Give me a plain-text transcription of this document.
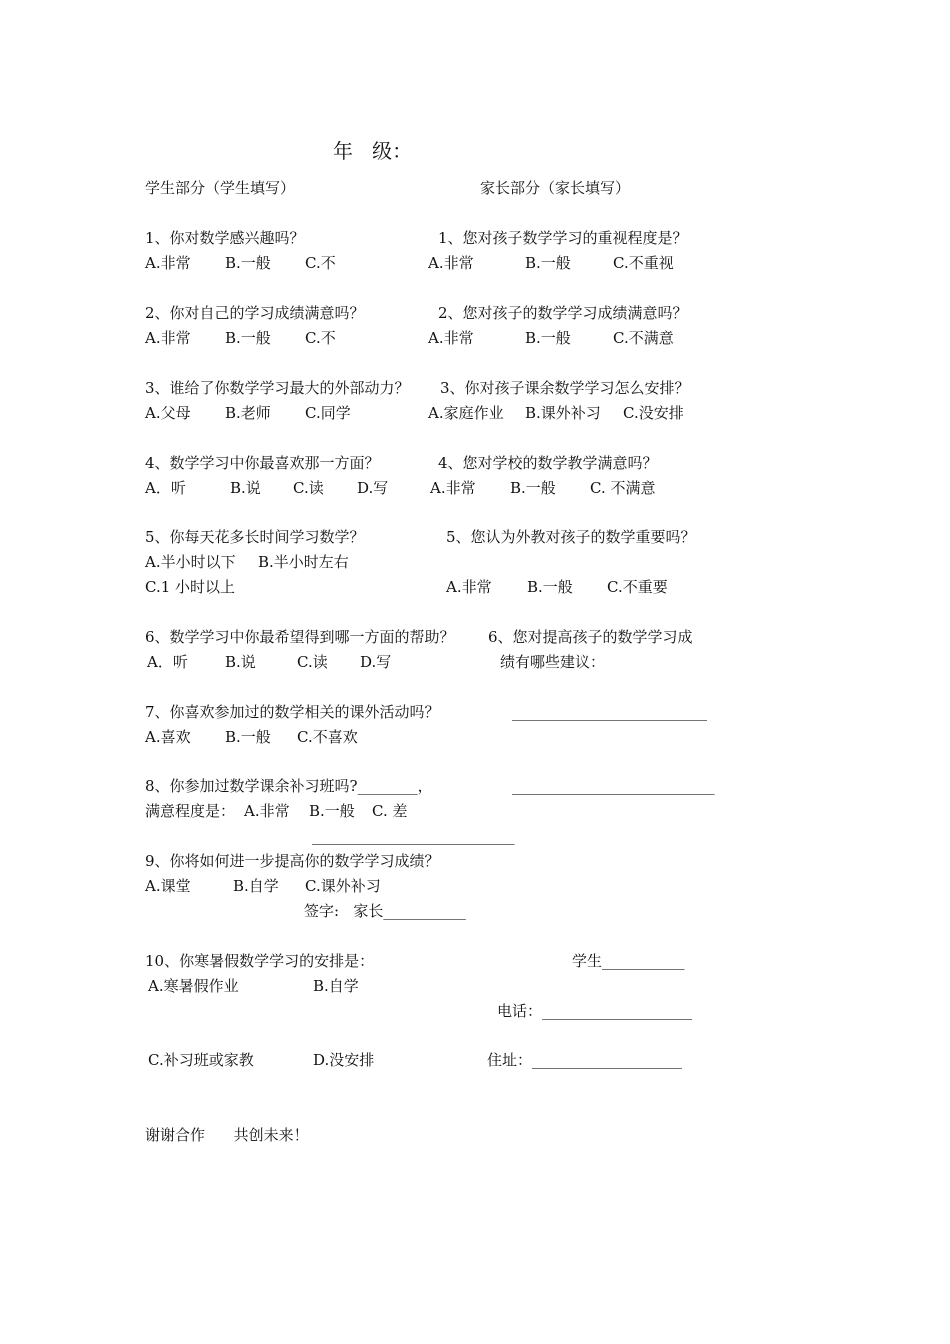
年   级：
学生部分（学生填写）	家长部分（家长填写）
1、你对数学感兴趣吗？	1、您对孩子数学学习的重视程度是？
A.非常 B.一般 C.不	A.非常	B.一般	C.不重视
2、你对自己的学习成绩满意吗？	2、您对孩子的数学学习成绩满意吗？
A.非常 B.一般 C.不	A.非常	B.一般	C.不满意
3、谁给了你数学学习最大的外部动力？ 3、你对孩子课余数学学习怎么安排？
A.父母 B.老师 C.同学	A.家庭作业 B.课外补习 C.没安排
4、数学学习中你最喜欢那一方面？	4、您对学校的数学教学满意吗？
A．听	B.说 C.读 D.写	A.非常 B.一般 C. 不满意
5、你每天花多长时间学习数学？	5、您认为外教对孩子的数学重要吗？
A.半小时以下 B.半小时左右
C.1 小时以上	A.非常 B.一般 C.不重要
6、数学学习中你最希望得到哪一方面的帮助？ 6、您对提高孩子的数学学习成
A．听 B.说	C.读 D.写	绩有哪些建议：
7、你喜欢参加过的数学相关的课外活动吗？	__________________________
A.喜欢 B.一般 C.不喜欢
8、你参加过数学课余补习班吗?________，	___________________________
满意程度是： A.非常 B.一般 C. 差
___________________________
9、你将如何进一步提高你的数学学习成绩？
A.课堂	B.自学 C.课外补习
签字:   家长___________
10、你寒暑假数学学习的安排是：	学生___________
A.寒暑假作业	B.自学
电话：____________________
C.补习班或家教	D.没安排	住址：____________________
谢谢合作      共创未来！
